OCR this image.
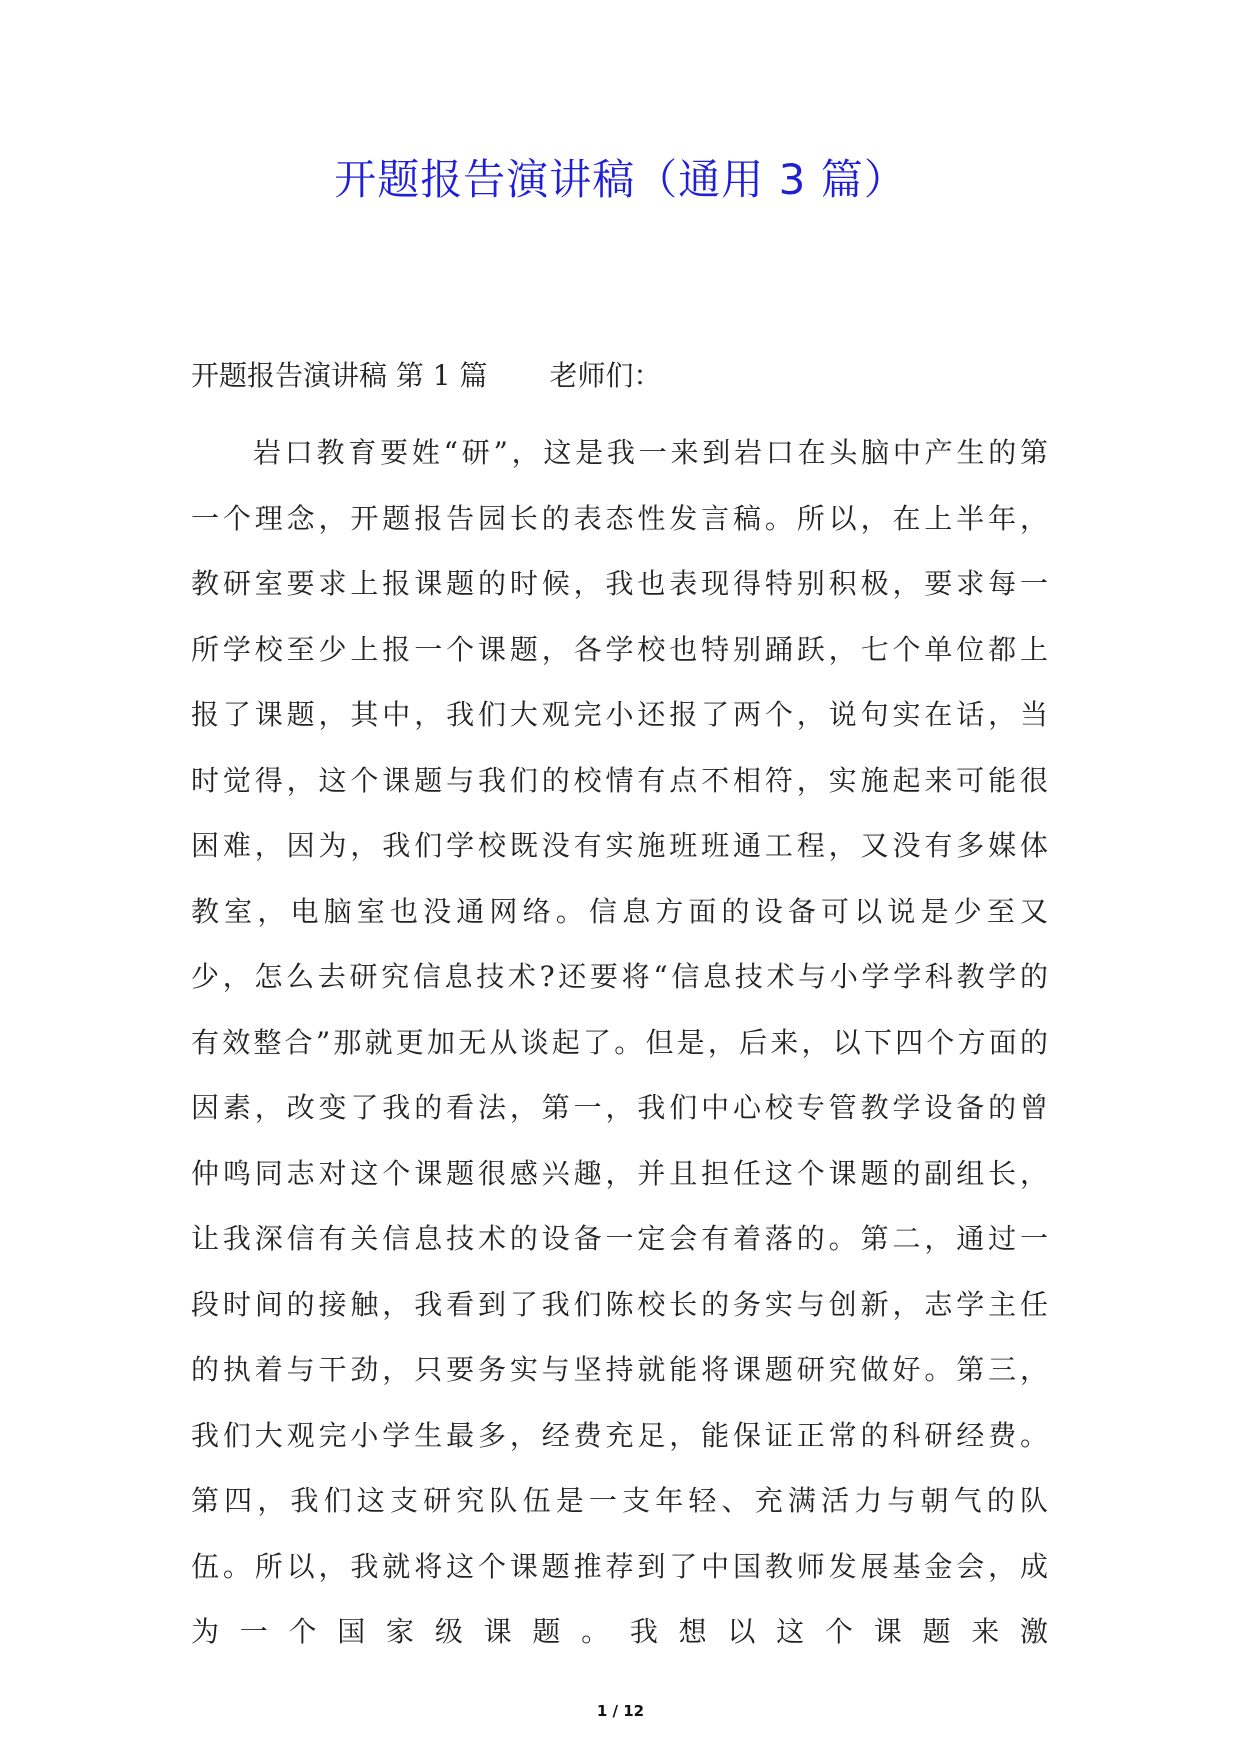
开题报告演讲稿（通用 3 篇）
开题报告演讲稿 第 1 篇 老师们：

岩口教育要姓“研”，这是我一来到岩口在头脑中产生的第一个理念，开题报告园长的表态性发言稿。所以，在上半年，教研室要求上报课题的时候，我也表现得特别积极，要求每一所学校至少上报一个课题，各学校也特别踊跃，七个单位都上报了课题，其中，我们大观完小还报了两个，说句实在话，当时觉得，这个课题与我们的校情有点不相符，实施起来可能很困难，因为，我们学校既没有实施班班通工程，又没有多媒体教室，电脑室也没通网络。信息方面的设备可以说是少至又少，怎么去研究信息技术?还要将“信息技术与小学学科教学的有效整合”那就更加无从谈起了。但是，后来，以下四个方面的因素，改变了我的看法，第一，我们中心校专管教学设备的曾仲鸣同志对这个课题很感兴趣，并且担任这个课题的副组长，让我深信有关信息技术的设备一定会有着落的。第二，通过一段时间的接触，我看到了我们陈校长的务实与创新，志学主任的执着与干劲，只要务实与坚持就能将课题研究做好。第三，我们大观完小学生最多，经费充足，能保证正常的科研经费。第四，我们这支研究队伍是一支年轻、充满活力与朝气的队伍。所以，我就将这个课题推荐到了中国教师发展基金会，成为一个国家级课题。我想以这个课题来激

1 / 12
